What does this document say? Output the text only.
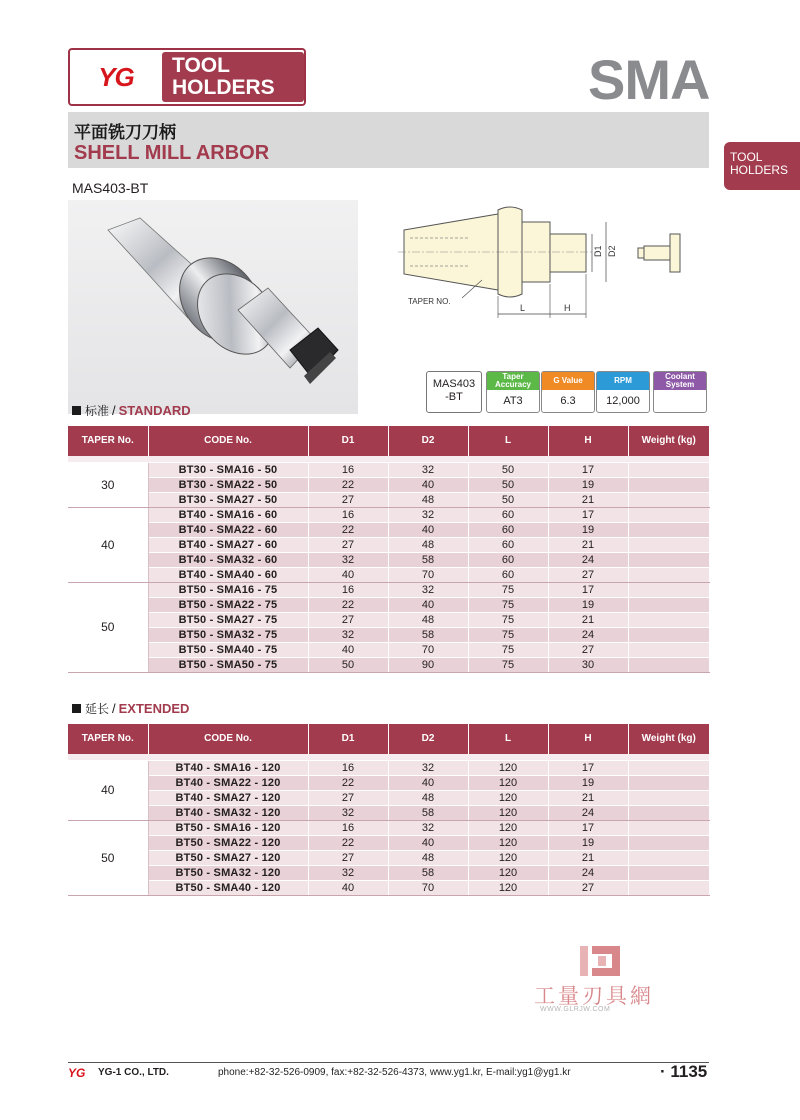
YG TOOL
HOLDERS	SMA
平面铣刀刀柄
SHELL MILL ARBOR	TOOL
HOLDERS
MAS403-BT
D1 D2
L	H
TAPER NO.
MAS403
-BT
Taper Accuracy
AT3
G Value
6.3
RPM
12,000
Coolant System
标准 / STANDARD
TAPER No.	CODE No.	D1	D2	L	H	Weight (kg)

30	BT30 - SMA16 - 50	16	32	50	17	
	BT30 - SMA22 - 50	22	40	50	19	
	BT30 - SMA27 - 50	27	48	50	21	
40	BT40 - SMA16 - 60	16	32	60	17	
	BT40 - SMA22 - 60	22	40	60	19	
	BT40 - SMA27 - 60	27	48	60	21	
	BT40 - SMA32 - 60	32	58	60	24	
	BT40 - SMA40 - 60	40	70	60	27	
50	BT50 - SMA16 - 75	16	32	75	17	
	BT50 - SMA22 - 75	22	40	75	19	
	BT50 - SMA27 - 75	27	48	75	21	
	BT50 - SMA32 - 75	32	58	75	24	
	BT50 - SMA40 - 75	40	70	75	27	
	BT50 - SMA50 - 75	50	90	75	30	
延长 / EXTENDED
TAPER No.	CODE No.	D1	D2	L	H	Weight (kg)

40	BT40 - SMA16 - 120	16	32	120	17	
	BT40 - SMA22 - 120	22	40	120	19	
	BT40 - SMA27 - 120	27	48	120	21	
	BT40 - SMA32 - 120	32	58	120	24	
50	BT50 - SMA16 - 120	16	32	120	17	
	BT50 - SMA22 - 120	22	40	120	19	
	BT50 - SMA27 - 120	27	48	120	21	
	BT50 - SMA32 - 120	32	58	120	24	
	BT50 - SMA40 - 120	40	70	120	27	
工量刃具網
WWW.GLRJW.COM
YG YG-1 CO., LTD.	phone:+82-32-526-0909, fax:+82-32-526-4373, www.yg1.kr, E-mail:yg1@yg1.kr	· 1135
